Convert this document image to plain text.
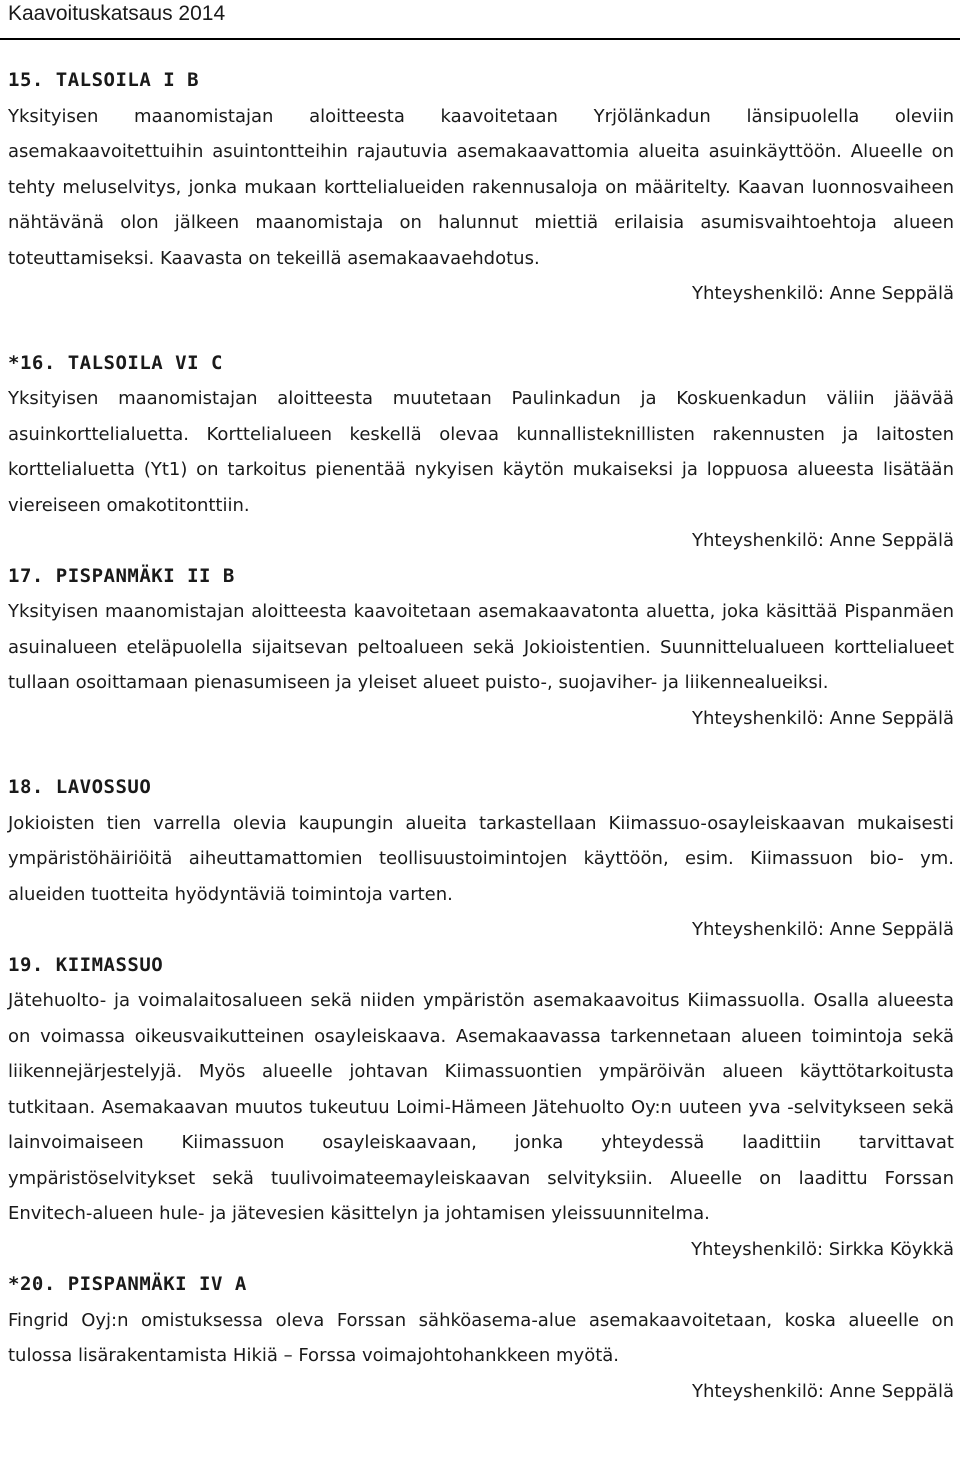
Kaavoituskatsaus 2014

15. TALSOILA I B

Yksityisen maanomistajan aloitteesta kaavoitetaan Yrjölänkadun länsipuolella oleviin asemakaavoitettuihin asuintontteihin rajautuvia asemakaavattomia alueita asuinkäyttöön. Alueelle on tehty meluselvitys, jonka mukaan korttelialueiden rakennusaloja on määritelty. Kaavan luonnosvaiheen nähtävänä olon jälkeen maanomistaja on halunnut miettiä erilaisia asumisvaihtoehtoja alueen toteuttamiseksi. Kaavasta on tekeillä asemakaavaehdotus.

Yhteyshenkilö: Anne Seppälä

*16. TALSOILA VI C

Yksityisen maanomistajan aloitteesta muutetaan Paulinkadun ja Koskuenkadun väliin jäävää asuinkorttelialuetta. Korttelialueen keskellä olevaa kunnallisteknillisten rakennusten ja laitosten korttelialuetta (Yt1) on tarkoitus pienentää nykyisen käytön mukaiseksi ja loppuosa alueesta lisätään viereiseen omakotitonttiin.

Yhteyshenkilö: Anne Seppälä

17. PISPANMÄKI II B

Yksityisen maanomistajan aloitteesta kaavoitetaan asemakaavatonta aluetta, joka käsittää Pispanmäen asuinalueen eteläpuolella sijaitsevan peltoalueen sekä Jokioistentien. Suunnittelualueen korttelialueet tullaan osoittamaan pienasumiseen ja yleiset alueet puisto-, suojaviher- ja liikennealueiksi.

Yhteyshenkilö: Anne Seppälä

18. LAVOSSUO

Jokioisten tien varrella olevia kaupungin alueita tarkastellaan Kiimassuo-osayleiskaavan mukaisesti ympäristöhäiriöitä aiheuttamattomien teollisuustoimintojen käyttöön, esim. Kiimassuon bio- ym. alueiden tuotteita hyödyntäviä toimintoja varten.

Yhteyshenkilö: Anne Seppälä

19. KIIMASSUO

Jätehuolto- ja voimalaitosalueen sekä niiden ympäristön asemakaavoitus Kiimassuolla. Osalla alueesta on voimassa oikeusvaikutteinen osayleiskaava. Asemakaavassa tarkennetaan alueen toimintoja sekä liikennejärjestelyjä. Myös alueelle johtavan Kiimassuontien ympäröivän alueen käyttötarkoitusta tutkitaan. Asemakaavan muutos tukeutuu Loimi-Hämeen Jätehuolto Oy:n uuteen yva -selvitykseen sekä lainvoimaiseen Kiimassuon osayleiskaavaan, jonka yhteydessä laadittiin tarvittavat ympäristöselvitykset sekä tuulivoimateemayleiskaavan selvityksiin. Alueelle on laadittu Forssan Envitech-alueen hule- ja jätevesien käsittelyn ja johtamisen yleissuunnitelma.

Yhteyshenkilö: Sirkka Köykkä

*20. PISPANMÄKI IV A

Fingrid Oyj:n omistuksessa oleva Forssan sähköasema-alue asemakaavoitetaan, koska alueelle on tulossa lisärakentamista Hikiä – Forssa voimajohtohankkeen myötä.

Yhteyshenkilö: Anne Seppälä
